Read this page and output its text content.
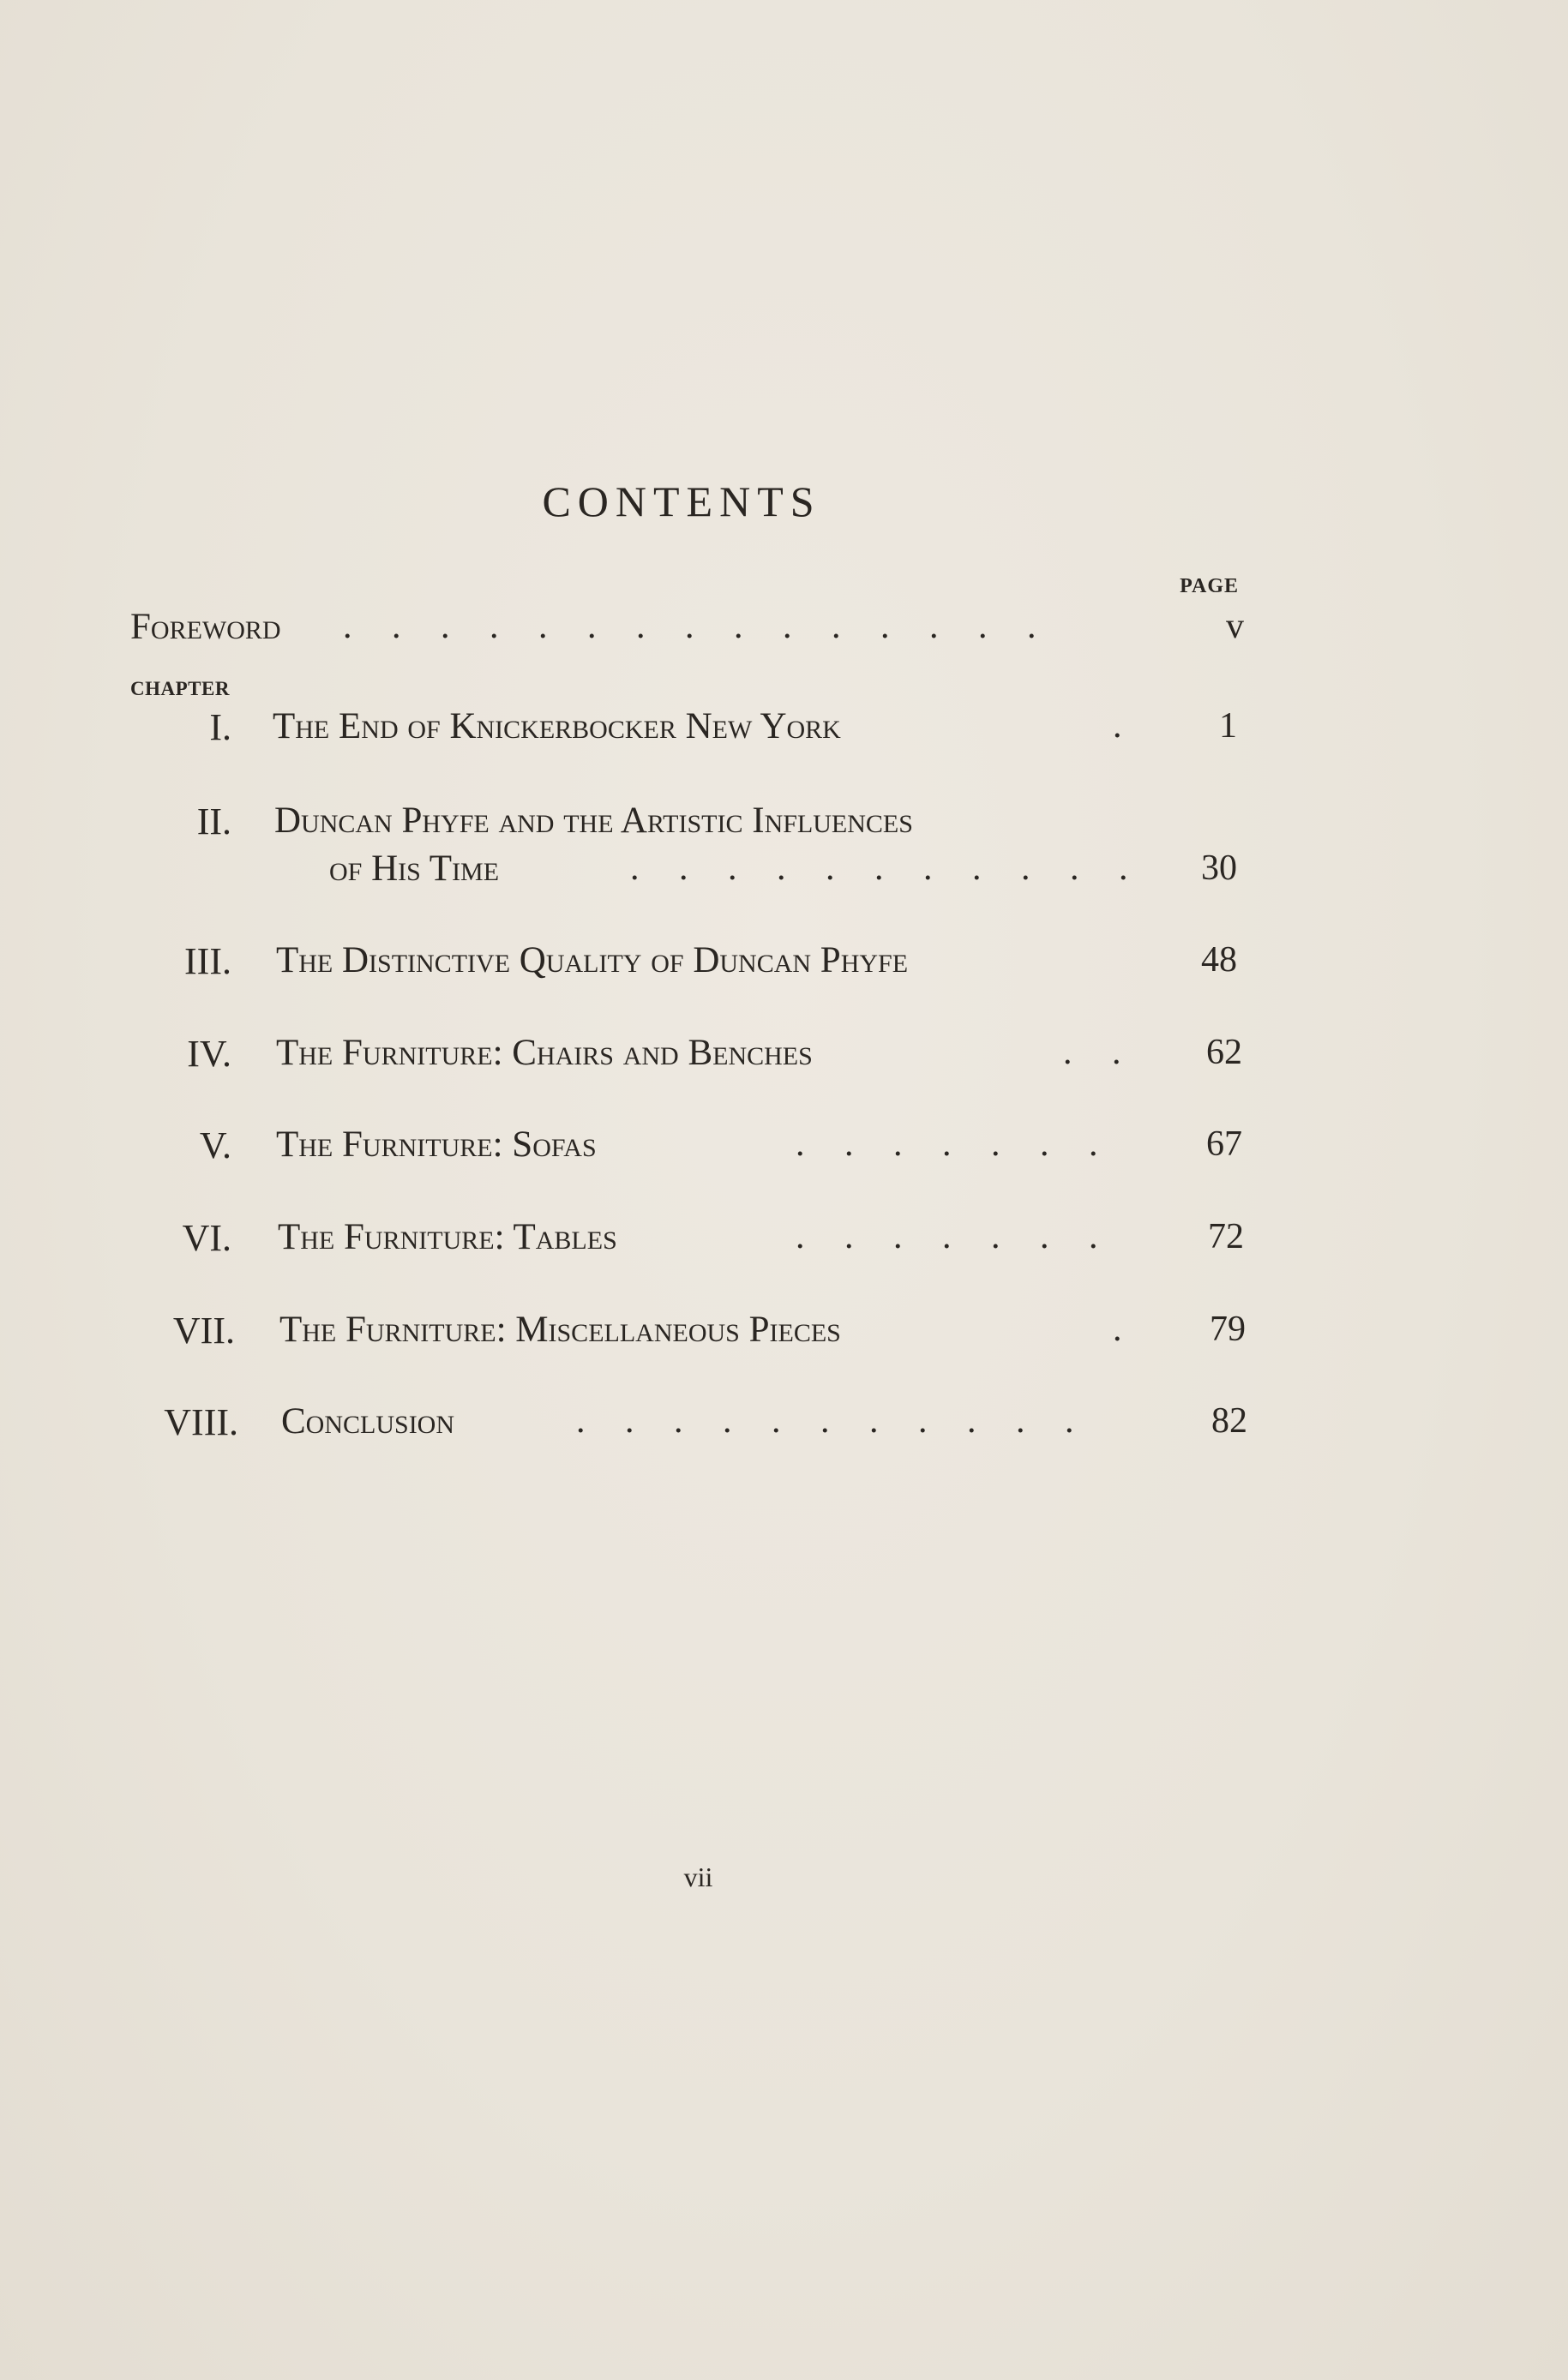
CONTENTS
PAGE
Foreword . . . . . . . . . . . . . . .	v
CHAPTER
I. The End of Knickerbocker New York	. 1
II. Duncan Phyfe and the Artistic Influences
of His Time	. . . . . . . . . . . 30
III. The Distinctive Quality of Duncan Phyfe	48
IV. The Furniture: Chairs and Benches	. . 62
V. The Furniture: Sofas	. . . . . . .	67
VI. The Furniture: Tables	. . . . . . .	72
VII. The Furniture: Miscellaneous Pieces	. 79
VIII. Conclusion	. . . . . . . . . . .	82
vii
